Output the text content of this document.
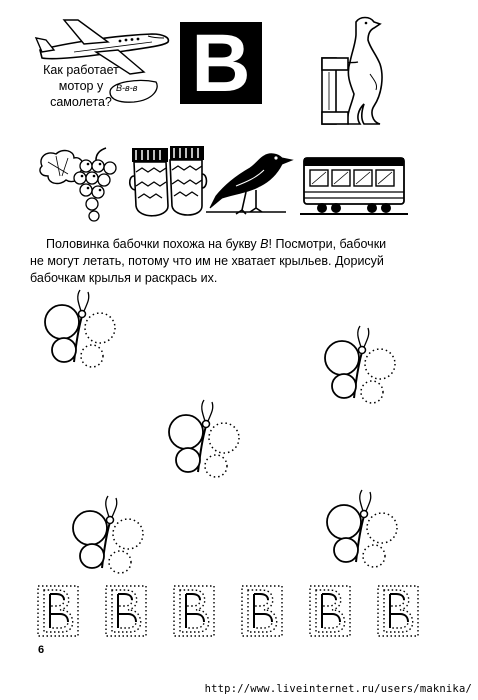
Как работает мотор у самолета?
В-в-в В
Половинка бабочки похожа на букву В! Посмотри, бабочки
не могут летать, потому что им не хватает крыльев. Дорисуй
бабочкам крылья и раскрась их.
6
http://www.liveinternet.ru/users/maknika/
